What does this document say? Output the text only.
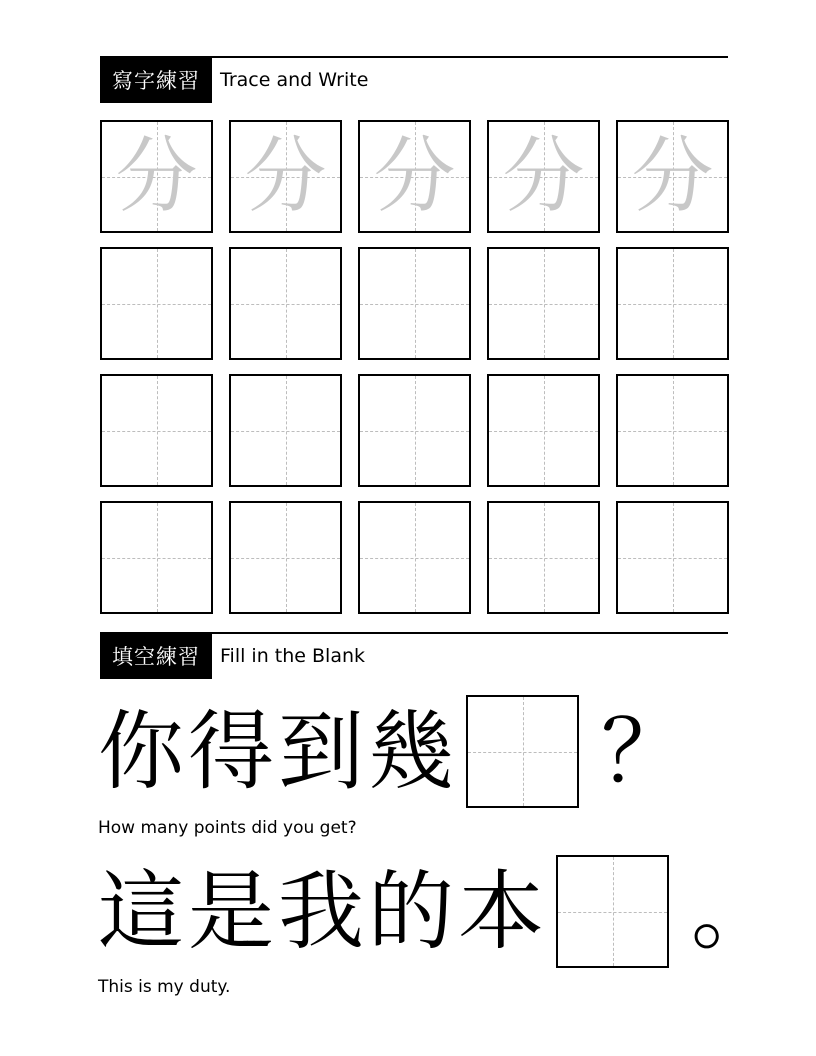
寫字練習	Trace and Write
分 分 分 分 分
填空練習	Fill in the Blank
你得到幾 ？
How many points did you get?
這是我的本 。
This is my duty.
